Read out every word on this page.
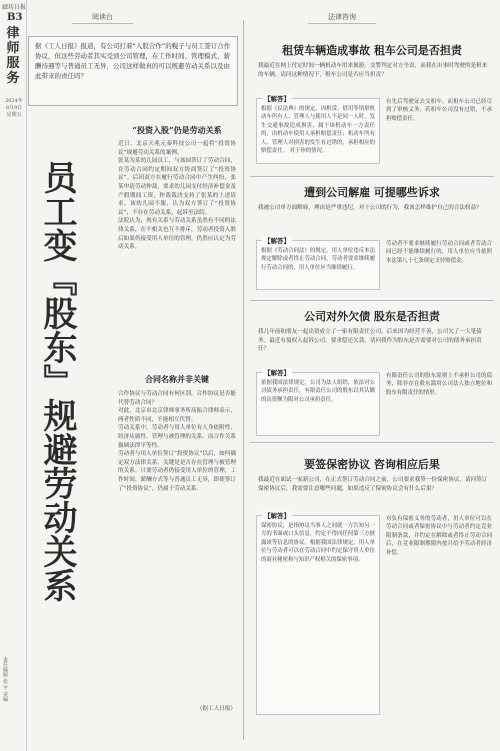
廊坊日报
B3
律师服务
2024年 8月9日 星期五
责任编辑 张 平 美编
阅读台	法律咨询
据《工人日报》报道，有公司打着“入股合作”的幌子与员工签订合作协议，但这些劳动者其实受到公司管理，在工作时间、管理模式、薪酬待遇等与普通员工无异，公司这样做真的可以规避劳动关系以及由此带来的责任吗？
员工变『股东』规避劳动关系
“投资入股”仍是劳动关系
近日，北京天兆元泰科技公司一起将“投资协议”规避劳动关系的案例。
张某为某幼儿园员工，与该园签订了劳动合同，在劳动合同约定期间双方协商签订了“投资协议”。后因双方在履行劳动合同中产生纠纷，张某申请劳动仲裁，要求幼儿园支付经济补偿金及产假期间工资，仲裁裁决支持了张某的上述请求。该幼儿园不服，认为双方签订了“投资协议”，不存在劳动关系，起诉至法院。
法院认为，现有关系与劳动关系虽然有不同的法律关系，在不相关也互不排斥，劳动者投资入股后如果仍接受用人单位的管理，仍然应认定为劳动关系。
合同名称并非关键
合作协议与劳动合同有何区别，合作协议是否能代替劳动合同？
对此，北京市北京律师事务所高振合律师表示，两者性质不同，不能相互代替。
劳动关系中，劳动者与用人单位有人身依附性、经济从属性、管理与被管理的关系。而合作关系强调法律平等性。
劳动者与用人单位签订“投资协议”以后，如何确定双方法律关系，关键是是否存在管理与被管理的关系。只要劳动者仍接受用人单位的管理，工作时间、薪酬方式等与普通员工无异，即使签订了“投资协议”，仍属于劳动关系。
（据工人日报）
租赁车辆造成事故 租车公司是否担责
我最近在网上付定时间一辆机动车用来旅游，交警判定对方全责，而我在出事时驾驶的是租来的车辆。请问这种情况下，租车公司是否应当担责？
【解答】
根据《民法典》的规定，因租赁、借用等情形机动车所有人、管理人与使用人不是同一人时，发生交通事故造成损害，属于该机动车一方责任的，由机动车使用人承担赔偿责任；机动车所有人、管理人对损害的发生有过错的，承担相应的赔偿责任。 对于你的情况。
有先后驾驶证去交租车。而租车公司已经尽到了审核义务，若租车公司没有过错，不承担赔偿责任。
遭到公司解雇 可提哪些诉求
我被公司单方面解雇，理由是严重违纪，对于公司的行为，我该怎样维护自己的合法权益？
【解答】
根据《劳动合同法》的规定，用人单位违反本法规定解除或者终止劳动合同，劳动者要求继续履行劳动合同的，用人单位应当继续履行。
劳动者不要求继续履行劳动合同或者劳动合同已经不能继续履行的，用人单位应当依照本法第八十七条规定支付赔偿金。
公司对外欠债 股东是否担责
我几年前和朋友一起出资成立了一家有限责任公司，后来因为经营不善，公司欠了一大笔债务。最近有债权人起诉公司，要求偿还欠款。请问我作为股东是否需要对公司的债务承担责任？
【解答】
依据我国法律规定，公司为法人组织，依法对公司债务承担责任，有限责任公司的股东以其认缴的出资额为限对公司承担责任。
有限责任公司的股东原则上不承担公司的债务，除非存在股东滥用公司法人独立地位和股东有限责任的情形。
要签保密协议 咨询相应后果
我最近在面试一家新公司，在正式签订劳动合同之前，公司要求我签一份保密协议，请问签订保密协议后，我需要注意哪些问题，如果违反了保密协议会有什么后果？
【解答】
保密协议，是指协议当事人之间就一方告知另一方的书面或口头信息，约定不得向任何第三方披露该等信息的协议。根据我国法律规定，用人单位与劳动者可以在劳动合同中约定保守用人单位的商业秘密和与知识产权相关的保密事项。
对负有保密义务的劳动者，用人单位可以在劳动合同或者保密协议中与劳动者约定竞业限制条款，并约定在解除或者终止劳动合同后，在竞业限制期限内按月给予劳动者经济补偿。
